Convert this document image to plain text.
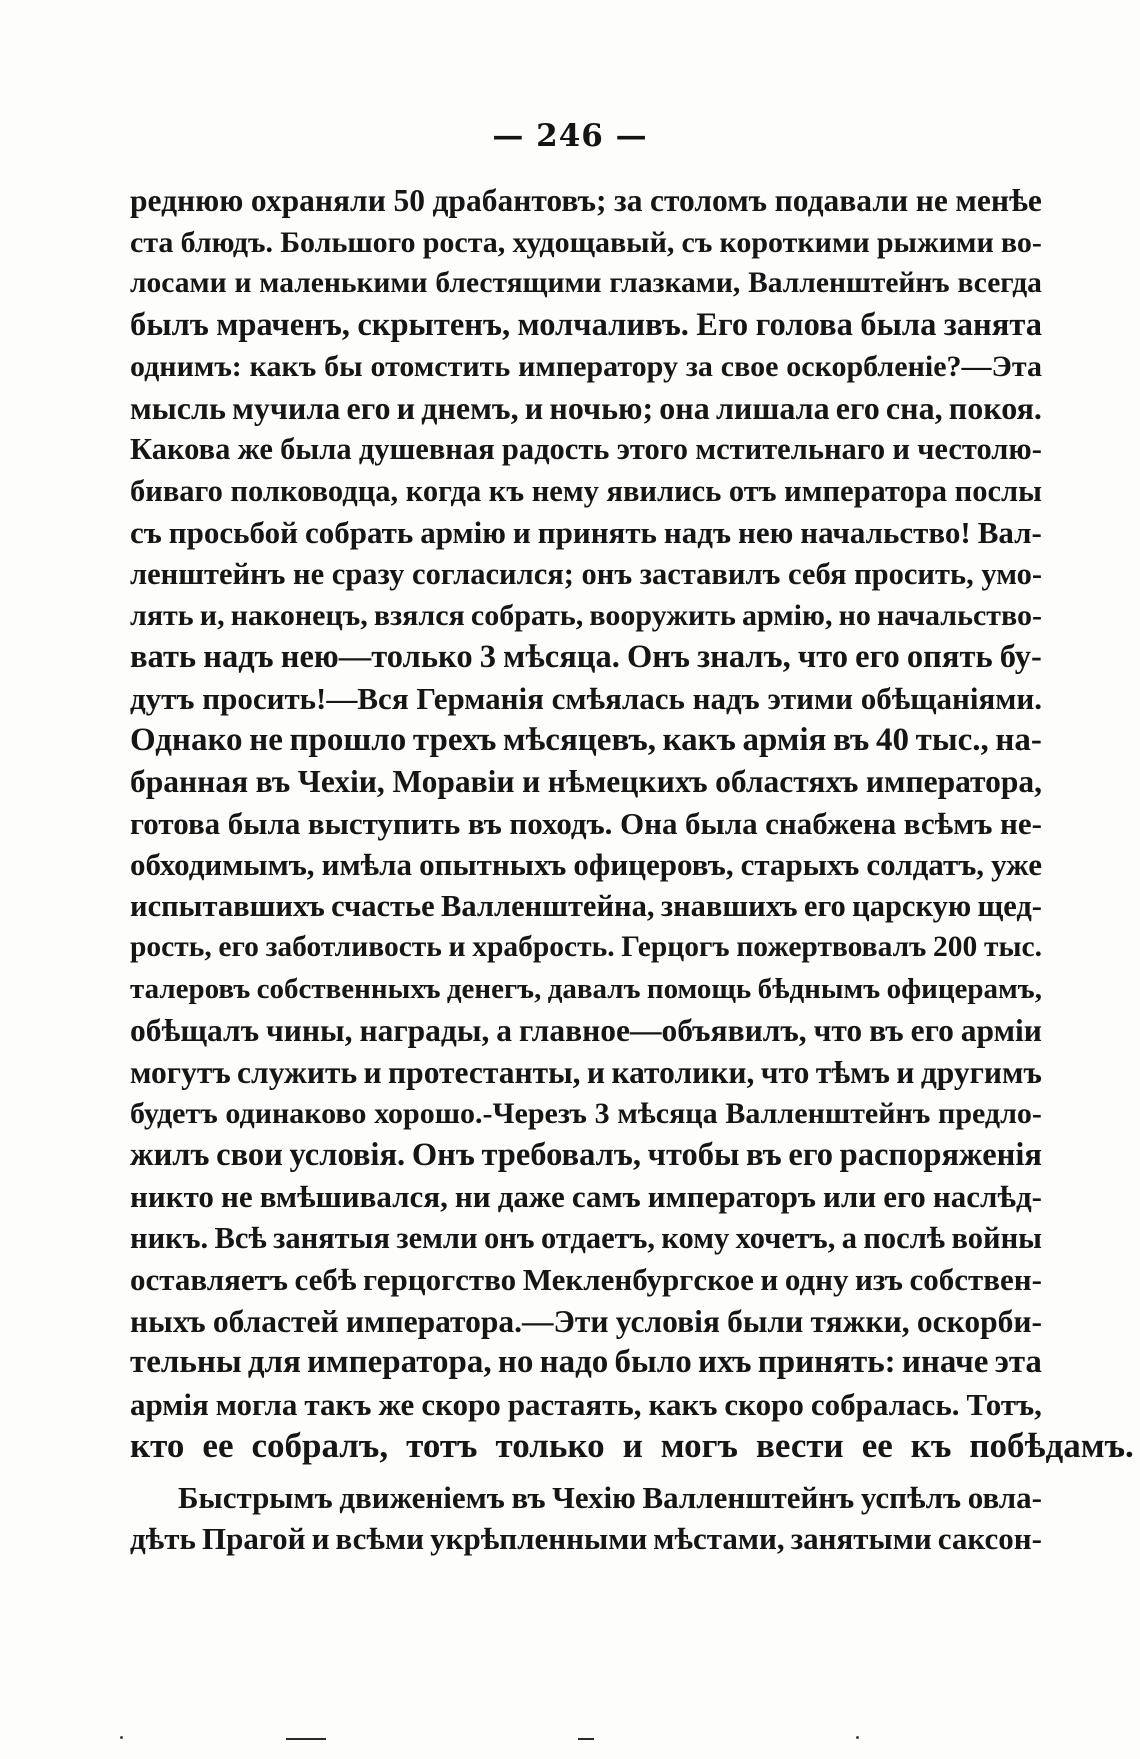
— 246 —
реднюю охраняли 50 драбантовъ; за столомъ подавали не менѣе
ста блюдъ. Большого роста, худощавый, съ короткими рыжими во-
лосами и маленькими блестящими глазками, Валленштейнъ всегда
былъ мраченъ, скрытенъ, молчаливъ. Его голова была занята
однимъ: какъ бы отомстить императору за свое оскорбленіе?—Эта
мысль мучила его и днемъ, и ночью; она лишала его сна, покоя.
Какова же была душевная радость этого мстительнаго и честолю-
биваго полководца, когда къ нему явились отъ императора послы
съ просьбой собрать армію и принять надъ нею начальство! Вал-
ленштейнъ не сразу согласился; онъ заставилъ себя просить, умо-
лять и, наконецъ, взялся собрать, вооружить армію, но начальство-
вать надъ нею—только 3 мѣсяца. Онъ зналъ, что его опять бу-
дутъ просить!—Вся Германія смѣялась надъ этими обѣщаніями.
Однако не прошло трехъ мѣсяцевъ, какъ армія въ 40 тыс., на-
бранная въ Чехіи, Моравіи и нѣмецкихъ областяхъ императора,
готова была выступить въ походъ. Она была снабжена всѣмъ не-
обходимымъ, имѣла опытныхъ офицеровъ, старыхъ солдатъ, уже
испытавшихъ счастье Валленштейна, знавшихъ его царскую щед-
рость, его заботливость и храбрость. Герцогъ пожертвовалъ 200 тыс.
талеровъ собственныхъ денегъ, давалъ помощь бѣднымъ офицерамъ,
обѣщалъ чины, награды, а главное—объявилъ, что въ его арміи
могутъ служить и протестанты, и католики, что тѣмъ и другимъ
будетъ одинаково хорошо.-Черезъ 3 мѣсяца Валленштейнъ предло-
жилъ свои условія. Онъ требовалъ, чтобы въ его распоряженія
никто не вмѣшивался, ни даже самъ императоръ или его наслѣд-
никъ. Всѣ занятыя земли онъ отдаетъ, кому хочетъ, а послѣ войны
оставляетъ себѣ герцогство Мекленбургское и одну изъ собствен-
ныхъ областей императора.—Эти условія были тяжки, оскорби-
тельны для императора, но надо было ихъ принять: иначе эта
армія могла такъ же скоро растаять, какъ скоро собралась. Тотъ,
кто ее собралъ, тотъ только и могъ вести ее къ побѣдамъ.
Быстрымъ движеніемъ въ Чехію Валленштейнъ успѣлъ овла-
дѣть Прагой и всѣми укрѣпленными мѣстами, занятыми саксон-
